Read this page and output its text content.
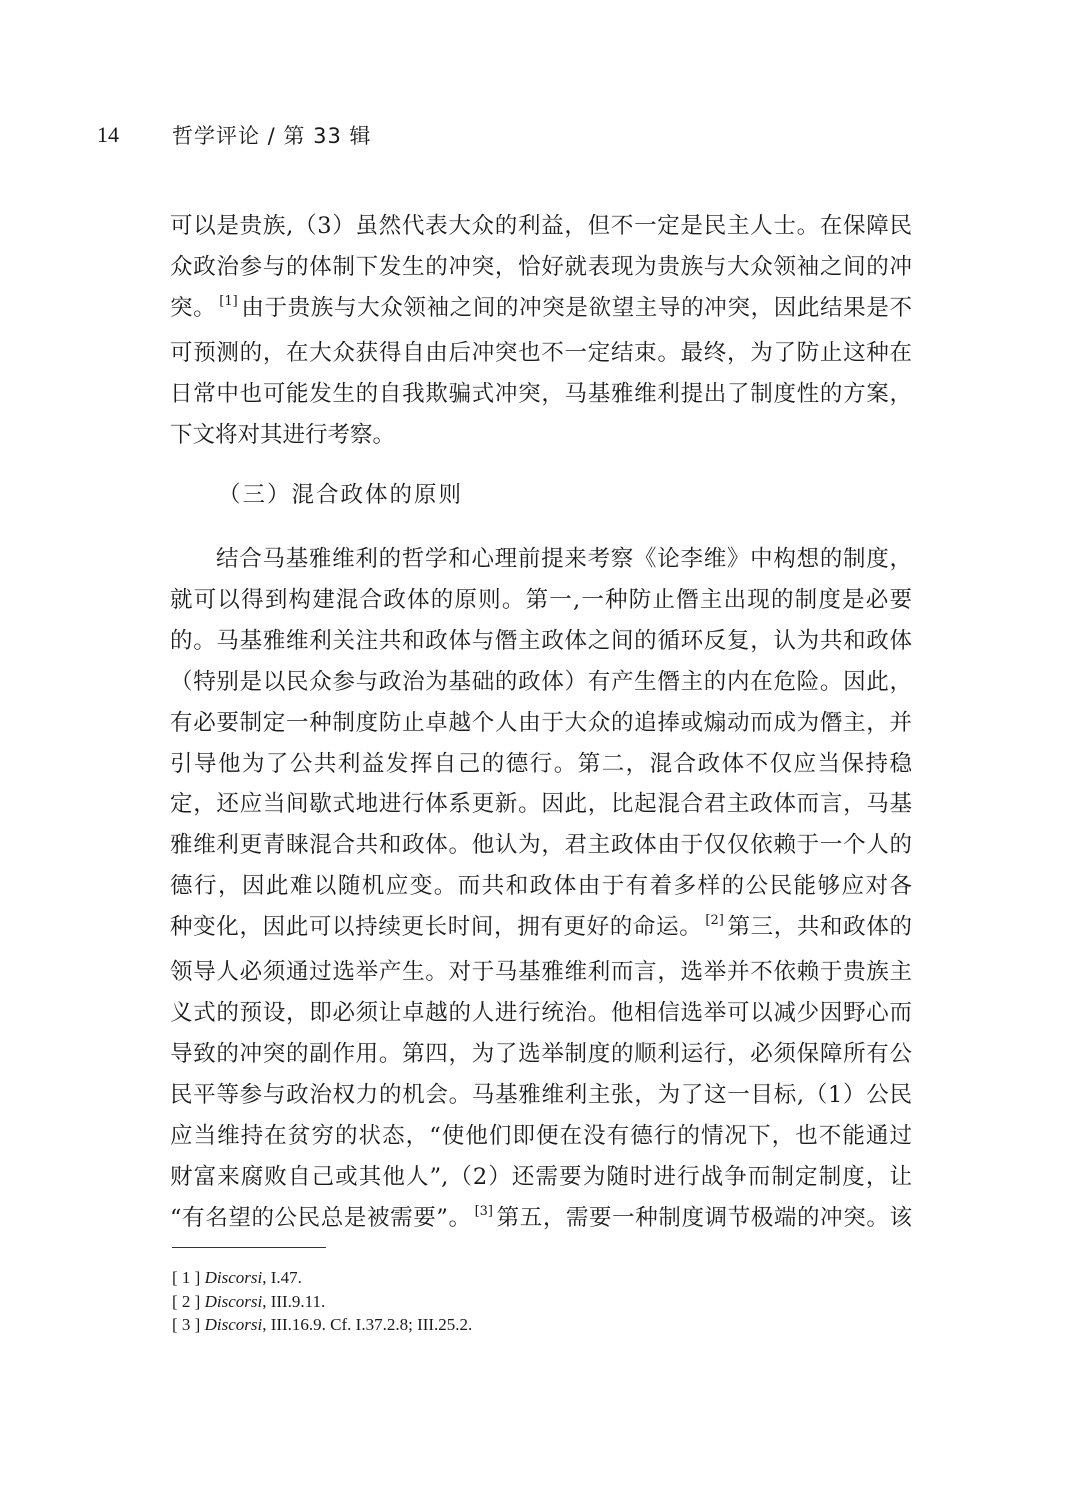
14	哲学评论 / 第 33 辑
可以是贵族,（3）虽然代表大众的利益，但不一定是民主人士。在保障民
众政治参与的体制下发生的冲突，恰好就表现为贵族与大众领袖之间的冲
突。 [1] 由于贵族与大众领袖之间的冲突是欲望主导的冲突，因此结果是不
可预测的，在大众获得自由后冲突也不一定结束。最终，为了防止这种在
日常中也可能发生的自我欺骗式冲突，马基雅维利提出了制度性的方案，
下文将对其进行考察。
（三）混合政体的原则
结合马基雅维利的哲学和心理前提来考察《论李维》中构想的制度，
就可以得到构建混合政体的原则。第一,一种防止僭主出现的制度是必要
的。马基雅维利关注共和政体与僭主政体之间的循环反复，认为共和政体
（特别是以民众参与政治为基础的政体）有产生僭主的内在危险。因此，
有必要制定一种制度防止卓越个人由于大众的追捧或煽动而成为僭主，并
引导他为了公共利益发挥自己的德行。第二，混合政体不仅应当保持稳
定，还应当间歇式地进行体系更新。因此，比起混合君主政体而言，马基
雅维利更青睐混合共和政体。他认为，君主政体由于仅仅依赖于一个人的
德行，因此难以随机应变。而共和政体由于有着多样的公民能够应对各
种变化，因此可以持续更长时间，拥有更好的命运。 [2] 第三，共和政体的
领导人必须通过选举产生。对于马基雅维利而言，选举并不依赖于贵族主
义式的预设，即必须让卓越的人进行统治。他相信选举可以减少因野心而
导致的冲突的副作用。第四，为了选举制度的顺利运行，必须保障所有公
民平等参与政治权力的机会。马基雅维利主张，为了这一目标,（1）公民
应当维持在贫穷的状态，“使他们即便在没有德行的情况下，也不能通过
财富来腐败自己或其他人”,（2）还需要为随时进行战争而制定制度，让
“有名望的公民总是被需要”。 [3] 第五，需要一种制度调节极端的冲突。该
[ 1 ] Discorsi, I.47.
[ 2 ] Discorsi, III.9.11.
[ 3 ] Discorsi, III.16.9. Cf. I.37.2.8; III.25.2.
